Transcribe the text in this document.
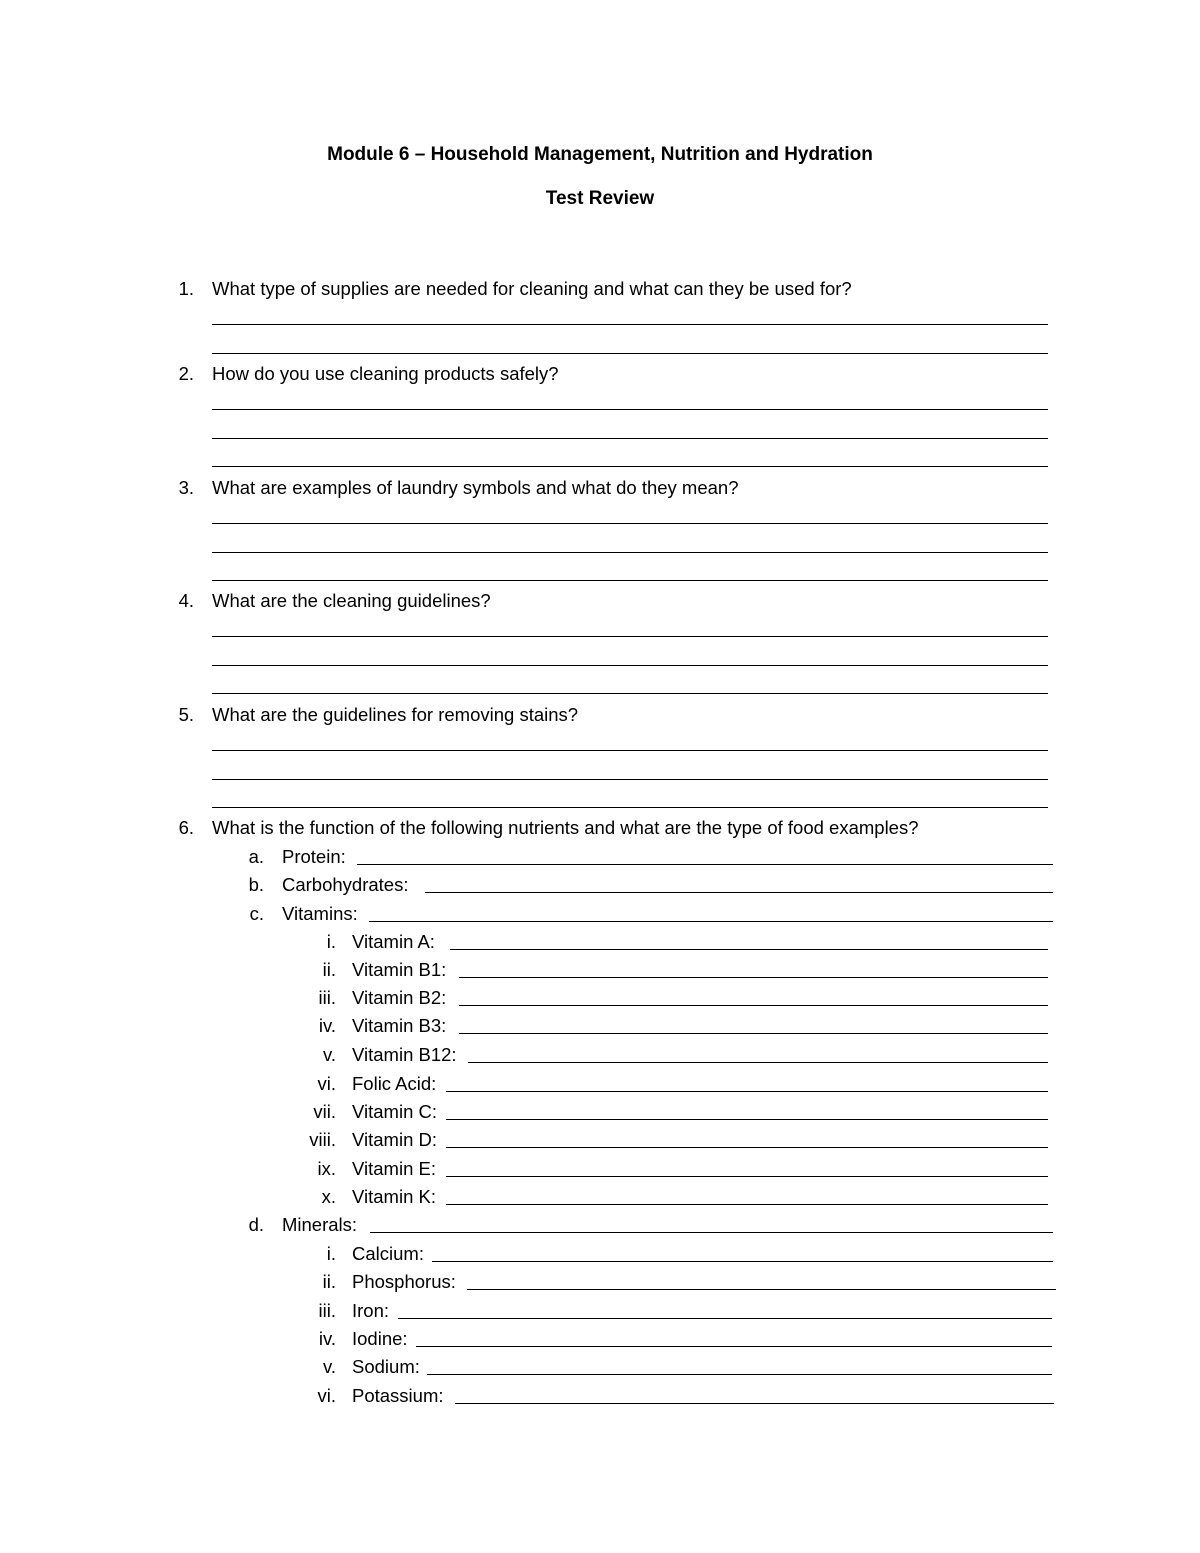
Module 6 – Household Management, Nutrition and Hydration
Test Review
1. What type of supplies are needed for cleaning and what can they be used for?
2. How do you use cleaning products safely?
3. What are examples of laundry symbols and what do they mean?
4. What are the cleaning guidelines?
5. What are the guidelines for removing stains?
6. What is the function of the following nutrients and what are the type of food examples?
a. Protein:
b. Carbohydrates:
c. Vitamins:
i. Vitamin A:
ii. Vitamin B1:
iii. Vitamin B2:
iv. Vitamin B3:
v. Vitamin B12:
vi. Folic Acid:
vii. Vitamin C:
viii. Vitamin D:
ix. Vitamin E:
x. Vitamin K:
d. Minerals:
i. Calcium:
ii. Phosphorus:
iii. Iron:
iv. Iodine:
v. Sodium:
vi. Potassium:
